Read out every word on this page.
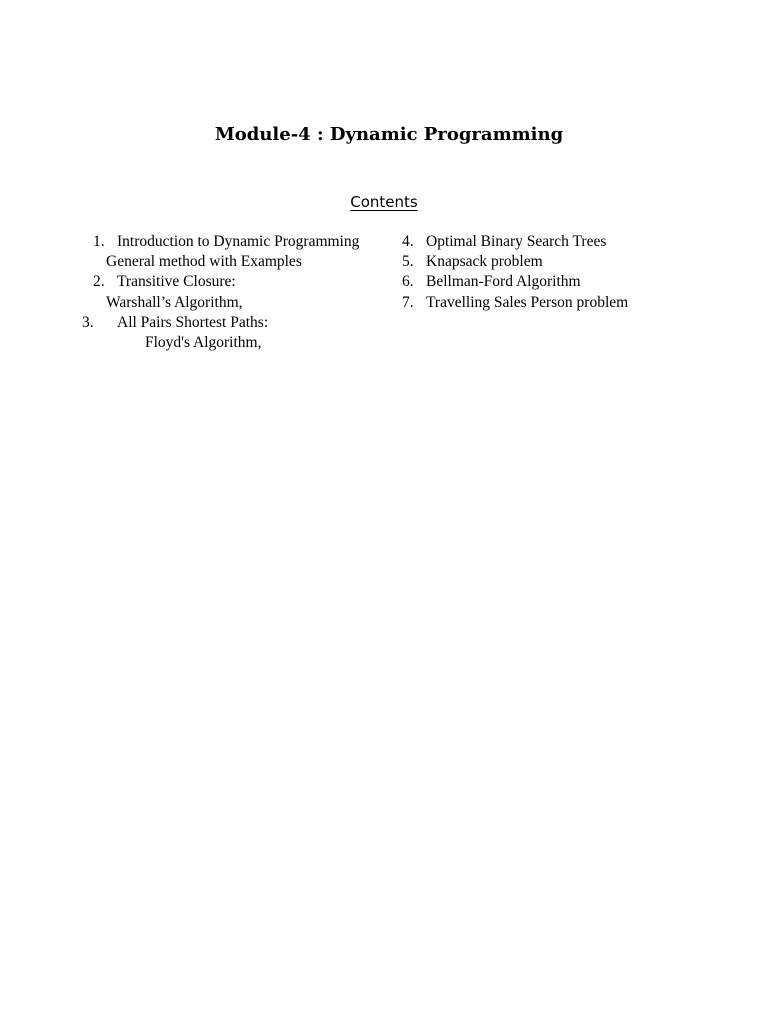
Module-4 : Dynamic Programming
Contents
1. Introduction to Dynamic Programming
General method with Examples
2. Transitive Closure:
Warshall’s Algorithm,
3. All Pairs Shortest Paths:
Floyd's Algorithm,
4. Optimal Binary Search Trees
5. Knapsack problem
6. Bellman-Ford Algorithm
7. Travelling Sales Person problem
